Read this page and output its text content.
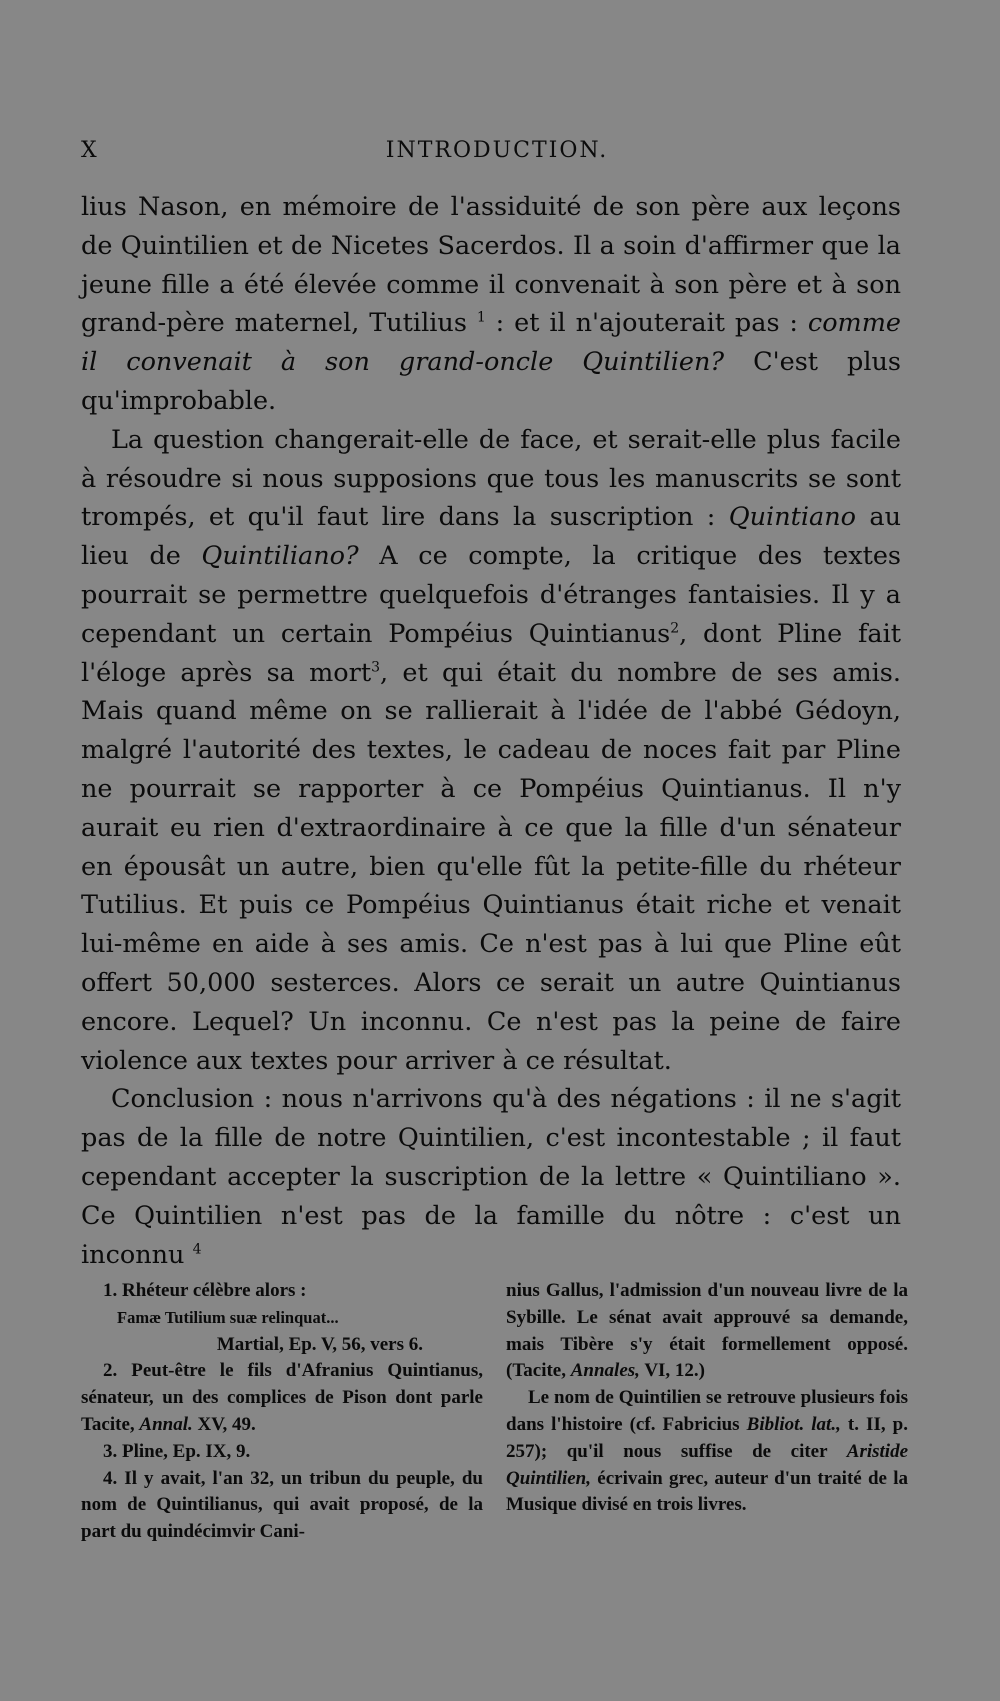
X	INTRODUCTION.

lius Nason, en mémoire de l'assiduité de son père aux leçons de Quintilien et de Nicetes Sacerdos. Il a soin d'affirmer que la jeune fille a été élevée comme il convenait à son père et à son grand-père maternel, Tutilius $^1$ : et il n'ajouterait pas : comme il convenait à son grand-oncle Quintilien? C'est plus qu'improbable.

La question changerait-elle de face, et serait-elle plus facile à résoudre si nous supposions que tous les manuscrits se sont trompés, et qu'il faut lire dans la suscription : Quintiano au lieu de Quintiliano? A ce compte, la critique des textes pourrait se permettre quelquefois d'étranges fantaisies. Il y a cependant un certain Pompéius Quintianus$^2$, dont Pline fait l'éloge après sa mort$^3$, et qui était du nombre de ses amis. Mais quand même on se rallierait à l'idée de l'abbé Gédoyn, malgré l'autorité des textes, le cadeau de noces fait par Pline ne pourrait se rapporter à ce Pompéius Quintianus. Il n'y aurait eu rien d'extraordinaire à ce que la fille d'un sénateur en épousât un autre, bien qu'elle fût la petite-fille du rhéteur Tutilius. Et puis ce Pompéius Quintianus était riche et venait lui-même en aide à ses amis. Ce n'est pas à lui que Pline eût offert 50,000 sesterces. Alors ce serait un autre Quintianus encore. Lequel? Un inconnu. Ce n'est pas la peine de faire violence aux textes pour arriver à ce résultat.

Conclusion : nous n'arrivons qu'à des négations : il ne s'agit pas de la fille de notre Quintilien, c'est incontestable ; il faut cependant accepter la suscription de la lettre « Quintiliano ». Ce Quintilien n'est pas de la famille du nôtre : c'est un inconnu $^4$

1. Rhéteur célèbre alors :

Famæ Tutilium suæ relinquat...

Martial, Ep. V, 56, vers 6.

2. Peut-être le fils d'Afranius Quintianus, sénateur, un des complices de Pison dont parle Tacite, Annal. XV, 49.

3. Pline, Ep. IX, 9.

4. Il y avait, l'an 32, un tribun du peuple, du nom de Quintilianus, qui avait proposé, de la part du quindécimvir Cani-

nius Gallus, l'admission d'un nouveau livre de la Sybille. Le sénat avait approuvé sa demande, mais Tibère s'y était formellement opposé. (Tacite, Annales, VI, 12.)

Le nom de Quintilien se retrouve plusieurs fois dans l'histoire (cf. Fabricius Bibliot. lat., t. II, p. 257); qu'il nous suffise de citer Aristide Quintilien, écrivain grec, auteur d'un traité de la Musique divisé en trois livres.
